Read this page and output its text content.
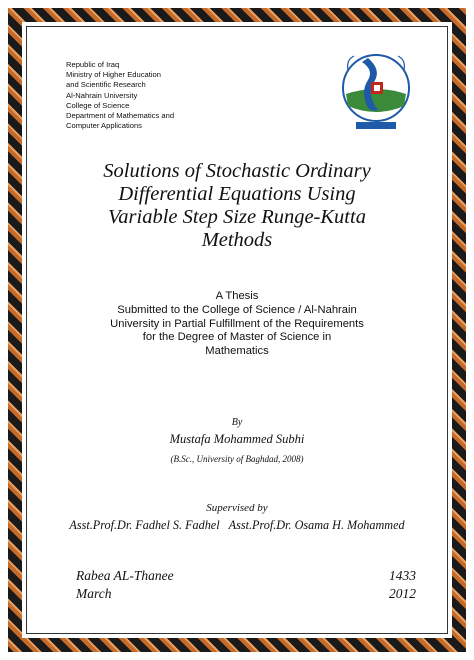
Republic of Iraq
Ministry of Higher Education
and Scientific Research
Al-Nahrain University
College of Science
Department of Mathematics and
Computer Applications
Solutions of Stochastic Ordinary
Differential Equations Using
Variable Step Size Runge-Kutta
Methods
A Thesis
Submitted to the College of Science / Al-Nahrain
University in Partial Fulfillment of the Requirements
for the Degree of Master of Science in
Mathematics
By
Mustafa Mohammed Subhi
(B.Sc., University of Baghdad, 2008)
Supervised by
Asst.Prof.Dr. Fadhel S. Fadhel Asst.Prof.Dr. Osama H. Mohammed
Rabea AL-Thanee	1433
March	2012
